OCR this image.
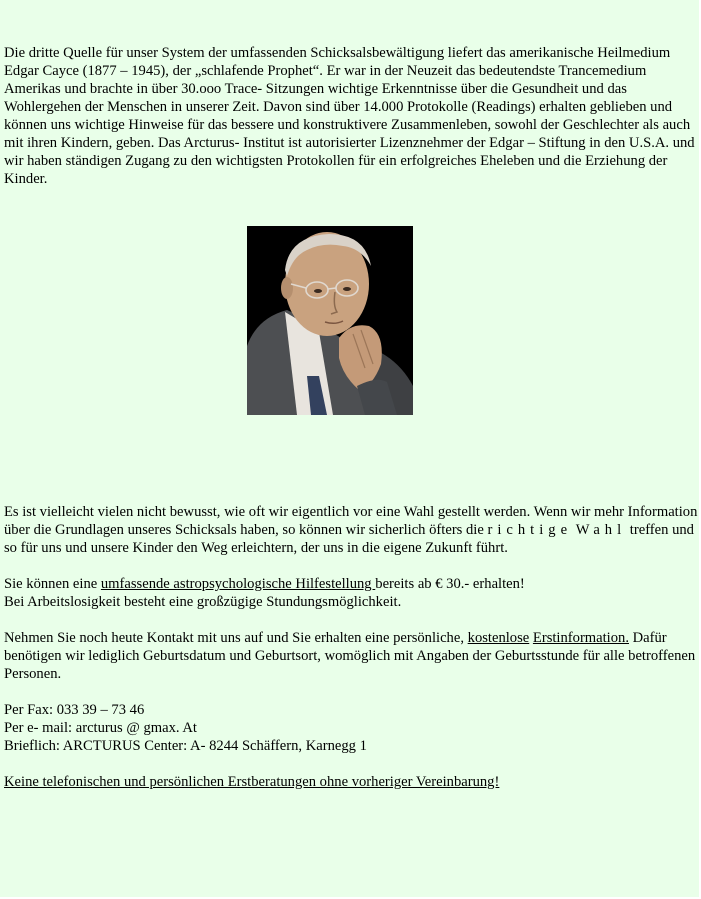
Die dritte Quelle für unser System der umfassenden Schicksalsbewältigung liefert das amerikanische Heilmedium Edgar Cayce (1877 – 1945), der „schlafende Prophet“. Er war in der Neuzeit das bedeutendste Trancemedium Amerikas und brachte in über 30.ooo Trace- Sitzungen wichtige Erkenntnisse über die Gesundheit und das Wohlergehen der Menschen in unserer Zeit. Davon sind über 14.000 Protokolle (Readings) erhalten geblieben und können uns wichtige Hinweise für das bessere und konstruktivere Zusammenleben, sowohl der Geschlechter als auch mit ihren Kindern, geben. Das Arcturus- Institut ist autorisierter Lizenznehmer der Edgar – Stiftung in den U.S.A. und wir haben ständigen Zugang zu den wichtigsten Protokollen für ein erfolgreiches Eheleben und die Erziehung der Kinder.

Es ist vielleicht vielen nicht bewusst, wie oft wir eigentlich vor eine Wahl gestellt werden. Wenn wir mehr Information über die Grundlagen unseres Schicksals haben, so können wir sicherlich öfters die richtige Wahl treffen und so für uns und unsere Kinder den Weg erleichtern, der uns in die eigene Zukunft führt.

Sie können eine umfassende astropsychologische Hilfestellung bereits ab € 30.- erhalten!
Bei Arbeitslosigkeit besteht eine großzügige Stundungsmöglichkeit.

Nehmen Sie noch heute Kontakt mit uns auf und Sie erhalten eine persönliche, kostenlose Erstinformation. Dafür benötigen wir lediglich Geburtsdatum und Geburtsort, womöglich mit Angaben der Geburtsstunde für alle betroffenen Personen.

Per Fax: 033 39 – 73 46
Per e- mail: arcturus @ gmax. At
Brieflich: ARCTURUS Center: A- 8244 Schäffern, Karnegg 1

Keine telefonischen und persönlichen Erstberatungen ohne vorheriger Vereinbarung!
